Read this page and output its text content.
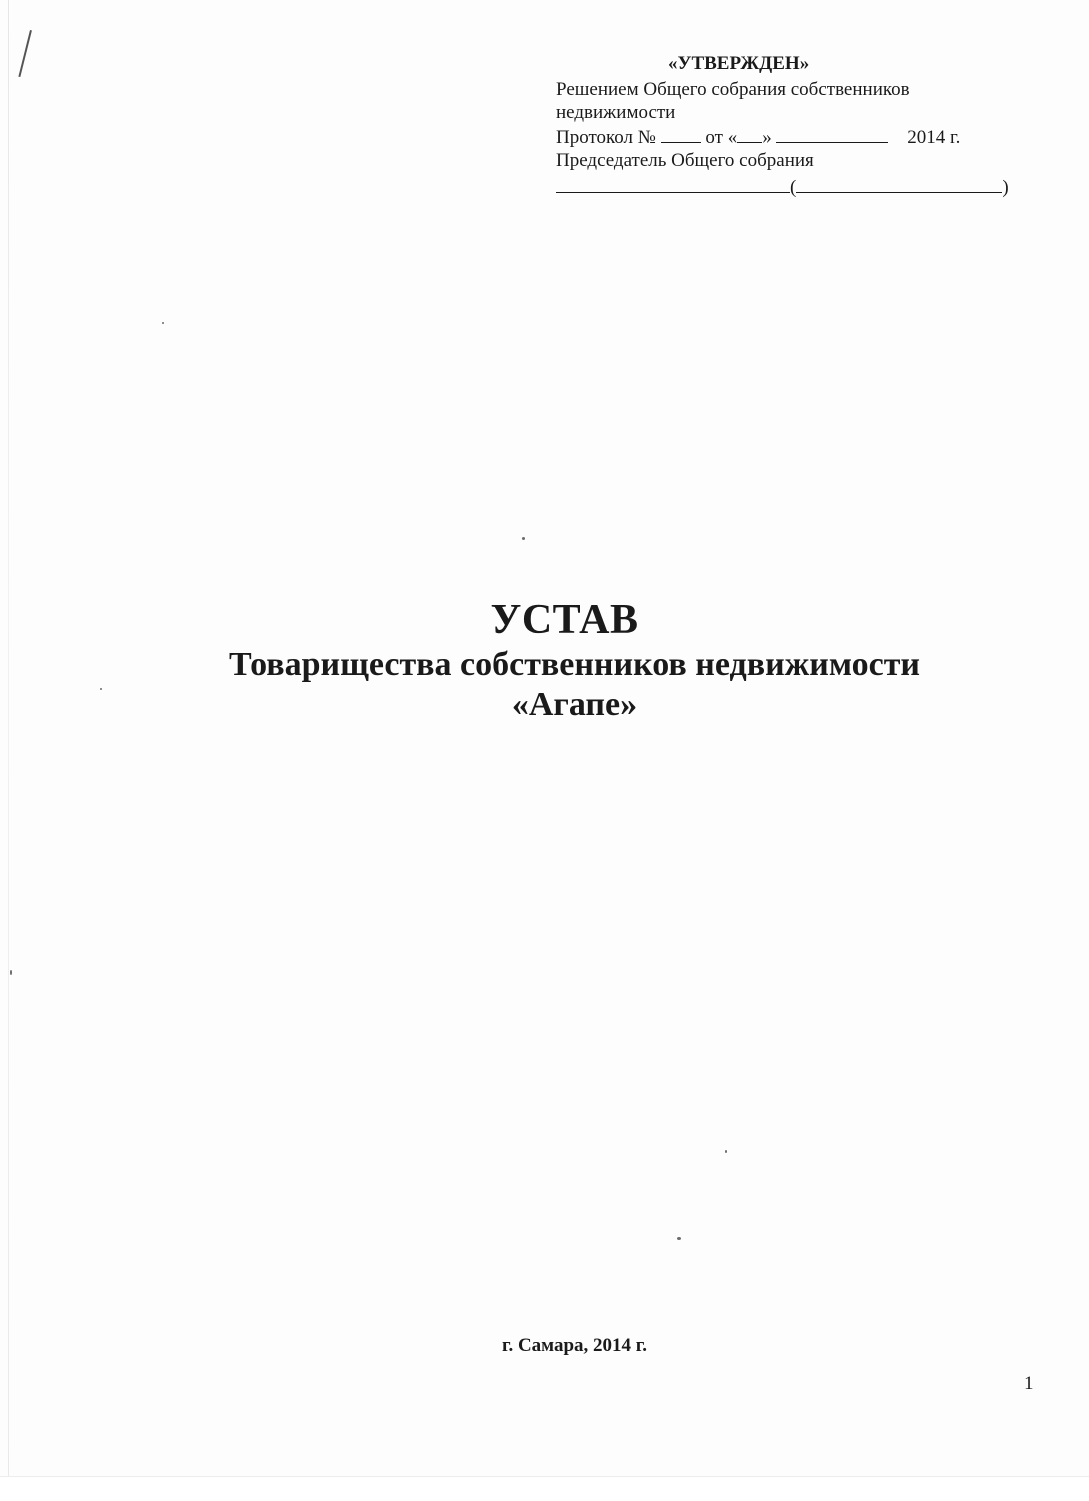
«УТВЕРЖДЕН»
Решением Общего собрания собственников
недвижимости
Протокол №	от « »	2014 г.
Председатель Общего собрания
(	)
УСТАВ
Товарищества собственников недвижимости
«Агапе»
г. Самара, 2014 г.
1
